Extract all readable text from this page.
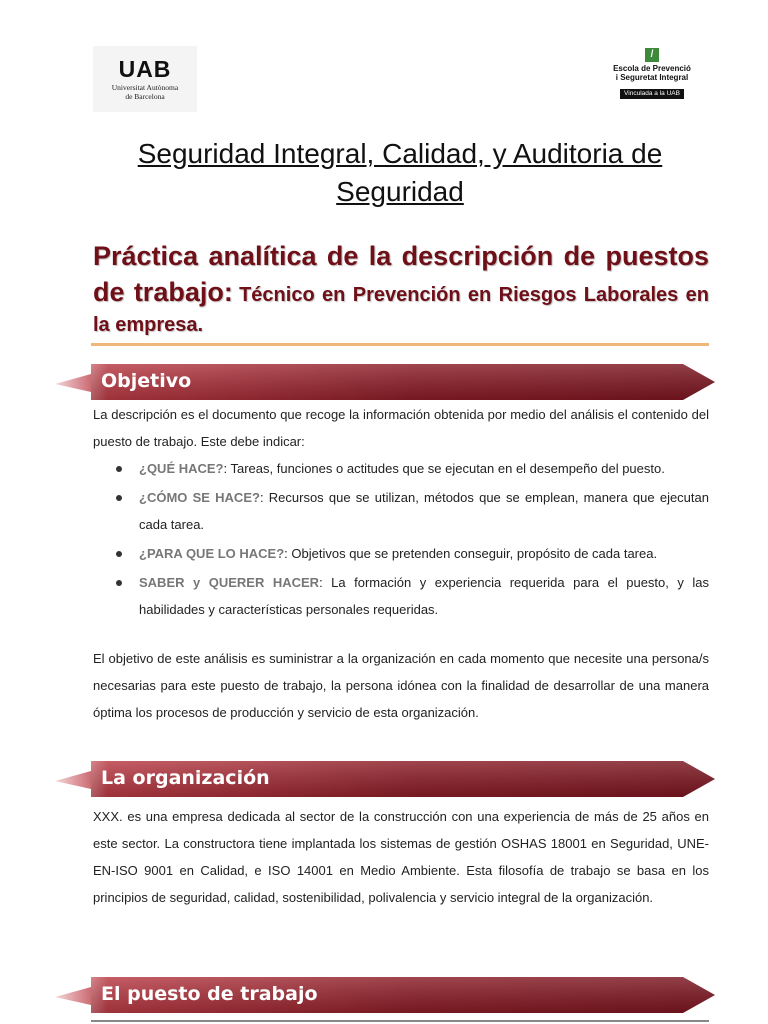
UAB
Universitat Autònoma
de Barcelona
/
Escola de Prevenció
i Seguretat Integral
Vinculada a la UAB
Seguridad Integral, Calidad, y Auditoria de Seguridad

Práctica analítica de la descripción de puestos de trabajo: Técnico en Prevención en Riesgos Laborales en la empresa.

Objetivo

La descripción es el documento que recoge la información obtenida por medio del análisis el contenido del puesto de trabajo. Este debe indicar:

¿QUÉ HACE?: Tareas, funciones o actitudes que se ejecutan en el desempeño del puesto.
¿CÓMO SE HACE?: Recursos que se utilizan, métodos que se emplean, manera que ejecutan cada tarea.
¿PARA QUE LO HACE?: Objetivos que se pretenden conseguir, propósito de cada tarea.
SABER y QUERER HACER: La formación y experiencia requerida para el puesto, y las habilidades y características personales requeridas.

El objetivo de este análisis es suministrar a la organización en cada momento que necesite una persona/s necesarias para este puesto de trabajo, la persona idónea con la finalidad de desarrollar de una manera óptima los procesos de producción y servicio de esta organización.

La organización

XXX. es una empresa dedicada al sector de la construcción con una experiencia de más de 25 años en este sector. La constructora tiene implantada los sistemas de gestión OSHAS 18001 en Seguridad, UNE-EN-ISO 9001 en Calidad, e ISO 14001 en Medio Ambiente. Esta filosofía de trabajo se basa en los principios de seguridad, calidad, sostenibilidad, polivalencia y servicio integral de la organización.

El puesto de trabajo
